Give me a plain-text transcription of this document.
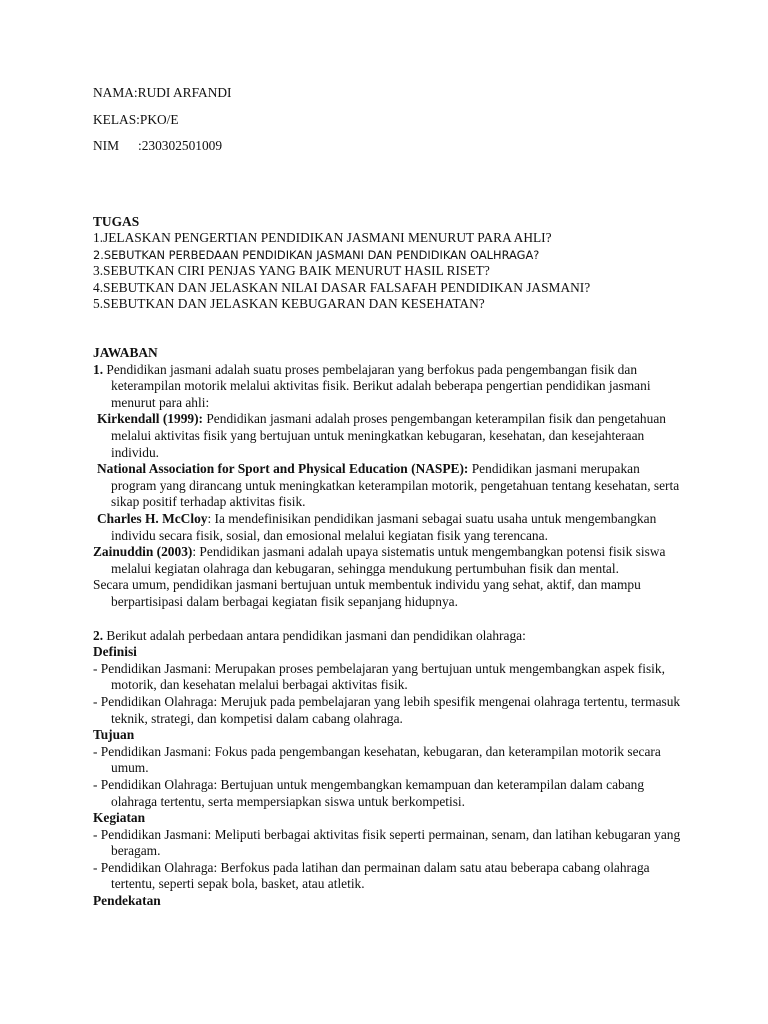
NAMA:RUDI ARFANDI
KELAS:PKO/E
NIM :230302501009
TUGAS
1.JELASKAN PENGERTIAN PENDIDIKAN JASMANI MENURUT PARA AHLI?
2.SEBUTKAN PERBEDAAN PENDIDIKAN JASMANI DAN PENDIDIKAN OALHRAGA?
3.SEBUTKAN CIRI PENJAS YANG BAIK MENURUT HASIL RISET?
4.SEBUTKAN DAN JELASKAN NILAI DASAR FALSAFAH PENDIDIKAN JASMANI?
5.SEBUTKAN DAN JELASKAN KEBUGARAN DAN KESEHATAN?
JAWABAN
1. Pendidikan jasmani adalah suatu proses pembelajaran yang berfokus pada pengembangan fisik dan keterampilan motorik melalui aktivitas fisik. Berikut adalah beberapa pengertian pendidikan jasmani menurut para ahli:
Kirkendall (1999): Pendidikan jasmani adalah proses pengembangan keterampilan fisik dan pengetahuan melalui aktivitas fisik yang bertujuan untuk meningkatkan kebugaran, kesehatan, dan kesejahteraan individu.
National Association for Sport and Physical Education (NASPE): Pendidikan jasmani merupakan program yang dirancang untuk meningkatkan keterampilan motorik, pengetahuan tentang kesehatan, serta sikap positif terhadap aktivitas fisik.
Charles H. McCloy: Ia mendefinisikan pendidikan jasmani sebagai suatu usaha untuk mengembangkan individu secara fisik, sosial, dan emosional melalui kegiatan fisik yang terencana.
Zainuddin (2003): Pendidikan jasmani adalah upaya sistematis untuk mengembangkan potensi fisik siswa melalui kegiatan olahraga dan kebugaran, sehingga mendukung pertumbuhan fisik dan mental.
Secara umum, pendidikan jasmani bertujuan untuk membentuk individu yang sehat, aktif, dan mampu berpartisipasi dalam berbagai kegiatan fisik sepanjang hidupnya.
2. Berikut adalah perbedaan antara pendidikan jasmani dan pendidikan olahraga:
Definisi
- Pendidikan Jasmani: Merupakan proses pembelajaran yang bertujuan untuk mengembangkan aspek fisik, motorik, dan kesehatan melalui berbagai aktivitas fisik.
- Pendidikan Olahraga: Merujuk pada pembelajaran yang lebih spesifik mengenai olahraga tertentu, termasuk teknik, strategi, dan kompetisi dalam cabang olahraga.
Tujuan
- Pendidikan Jasmani: Fokus pada pengembangan kesehatan, kebugaran, dan keterampilan motorik secara umum.
- Pendidikan Olahraga: Bertujuan untuk mengembangkan kemampuan dan keterampilan dalam cabang olahraga tertentu, serta mempersiapkan siswa untuk berkompetisi.
Kegiatan
- Pendidikan Jasmani: Meliputi berbagai aktivitas fisik seperti permainan, senam, dan latihan kebugaran yang beragam.
- Pendidikan Olahraga: Berfokus pada latihan dan permainan dalam satu atau beberapa cabang olahraga tertentu, seperti sepak bola, basket, atau atletik.
Pendekatan
